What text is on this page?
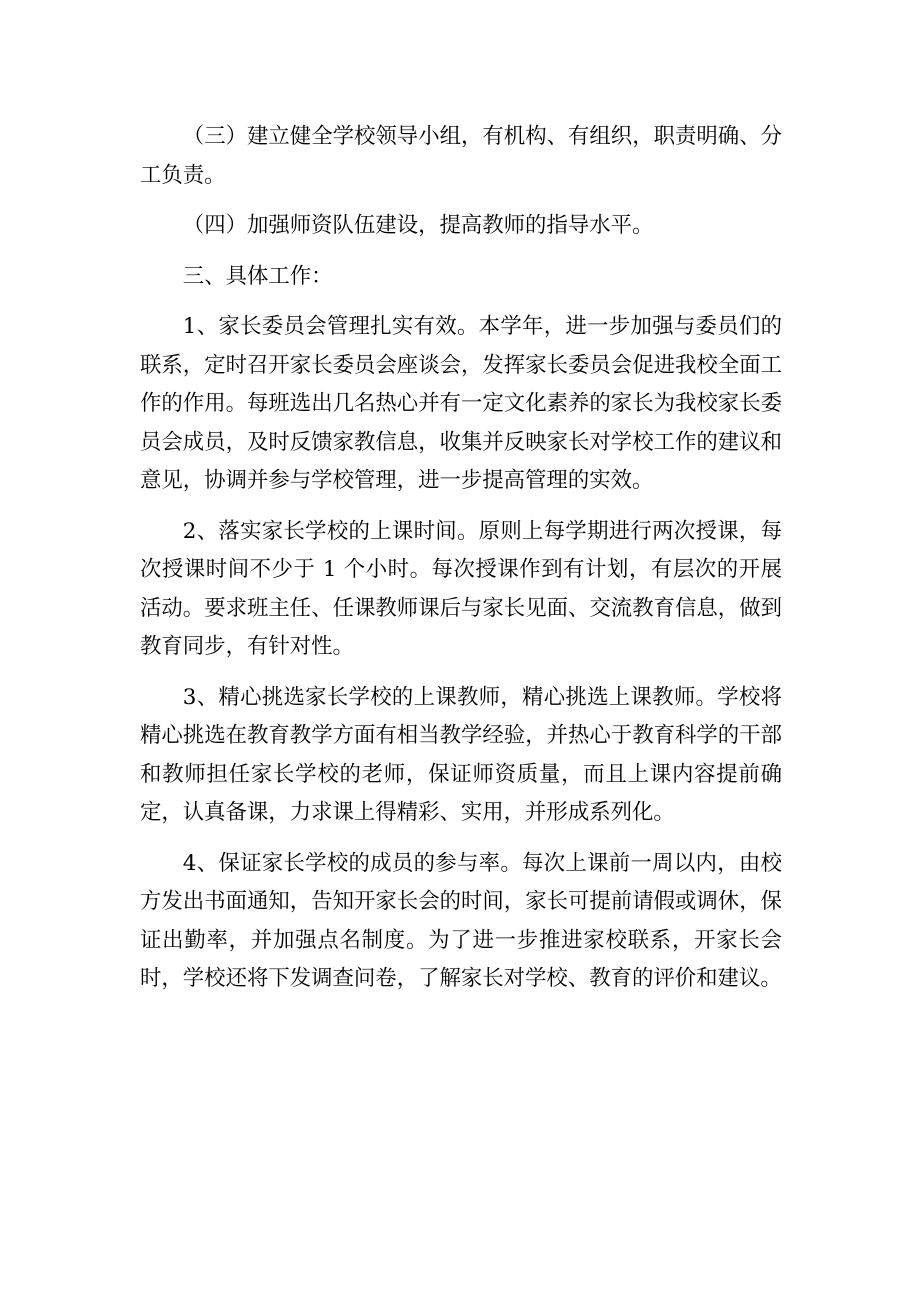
（三）建立健全学校领导小组，有机构、有组织，职责明确、分工负责。

（四）加强师资队伍建设，提高教师的指导水平。

三、具体工作：

1、家长委员会管理扎实有效。本学年，进一步加强与委员们的联系，定时召开家长委员会座谈会，发挥家长委员会促进我校全面工作的作用。每班选出几名热心并有一定文化素养的家长为我校家长委员会成员，及时反馈家教信息，收集并反映家长对学校工作的建议和意见，协调并参与学校管理，进一步提高管理的实效。

2、落实家长学校的上课时间。原则上每学期进行两次授课，每次授课时间不少于 1 个小时。每次授课作到有计划，有层次的开展活动。要求班主任、任课教师课后与家长见面、交流教育信息，做到教育同步，有针对性。

3、精心挑选家长学校的上课教师，精心挑选上课教师。学校将精心挑选在教育教学方面有相当教学经验，并热心于教育科学的干部和教师担任家长学校的老师，保证师资质量，而且上课内容提前确定，认真备课，力求课上得精彩、实用，并形成系列化。

4、保证家长学校的成员的参与率。每次上课前一周以内，由校方发出书面通知，告知开家长会的时间，家长可提前请假或调休，保证出勤率，并加强点名制度。为了进一步推进家校联系，开家长会时，学校还将下发调查问卷，了解家长对学校、教育的评价和建议。
